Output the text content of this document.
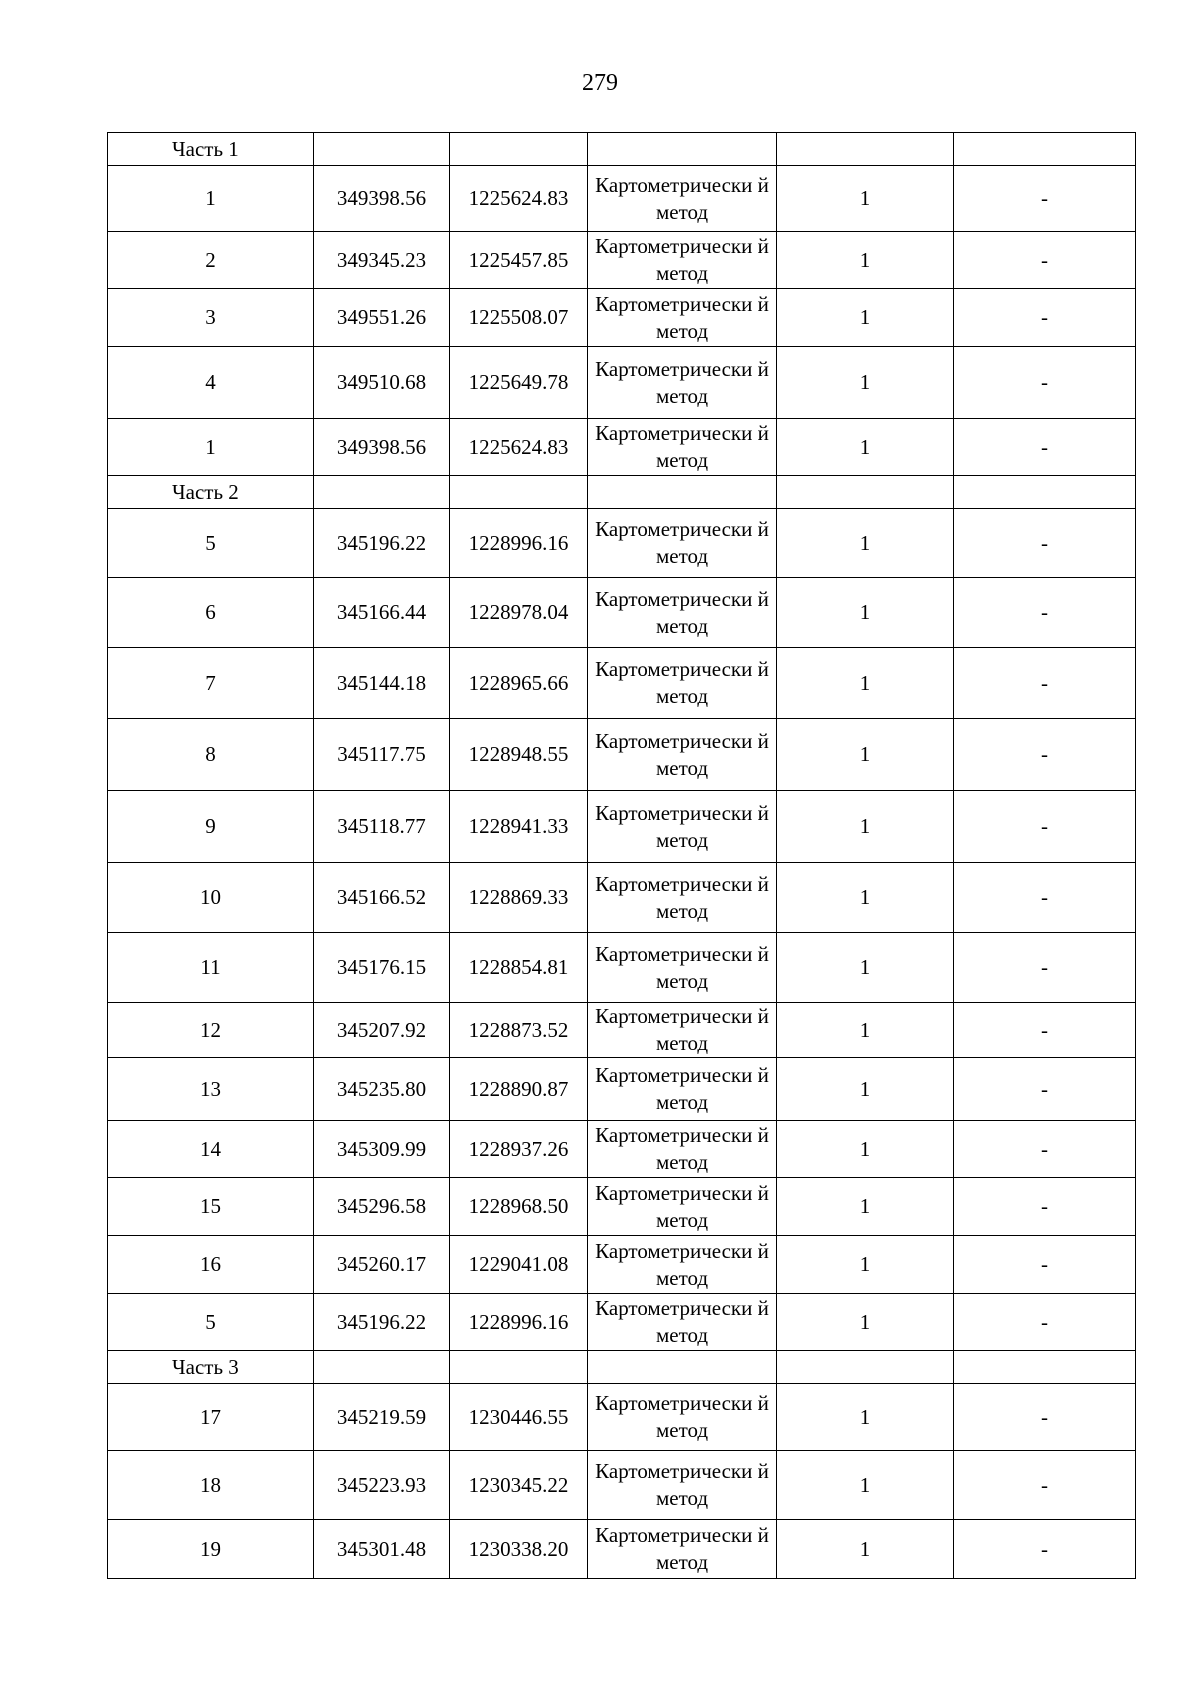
279
Часть 1					
1	349398.56	1225624.83	Картометрически й метод	1	-
2	349345.23	1225457.85	Картометрически й метод	1	-
3	349551.26	1225508.07	Картометрически й метод	1	-
4	349510.68	1225649.78	Картометрически й метод	1	-
1	349398.56	1225624.83	Картометрически й метод	1	-
Часть 2					
5	345196.22	1228996.16	Картометрически й метод	1	-
6	345166.44	1228978.04	Картометрически й метод	1	-
7	345144.18	1228965.66	Картометрически й метод	1	-
8	345117.75	1228948.55	Картометрически й метод	1	-
9	345118.77	1228941.33	Картометрически й метод	1	-
10	345166.52	1228869.33	Картометрически й метод	1	-
11	345176.15	1228854.81	Картометрически й метод	1	-
12	345207.92	1228873.52	Картометрически й метод	1	-
13	345235.80	1228890.87	Картометрически й метод	1	-
14	345309.99	1228937.26	Картометрически й метод	1	-
15	345296.58	1228968.50	Картометрически й метод	1	-
16	345260.17	1229041.08	Картометрически й метод	1	-
5	345196.22	1228996.16	Картометрически й метод	1	-
Часть 3					
17	345219.59	1230446.55	Картометрически й метод	1	-
18	345223.93	1230345.22	Картометрически й метод	1	-
19	345301.48	1230338.20	Картометрически й метод	1	-
